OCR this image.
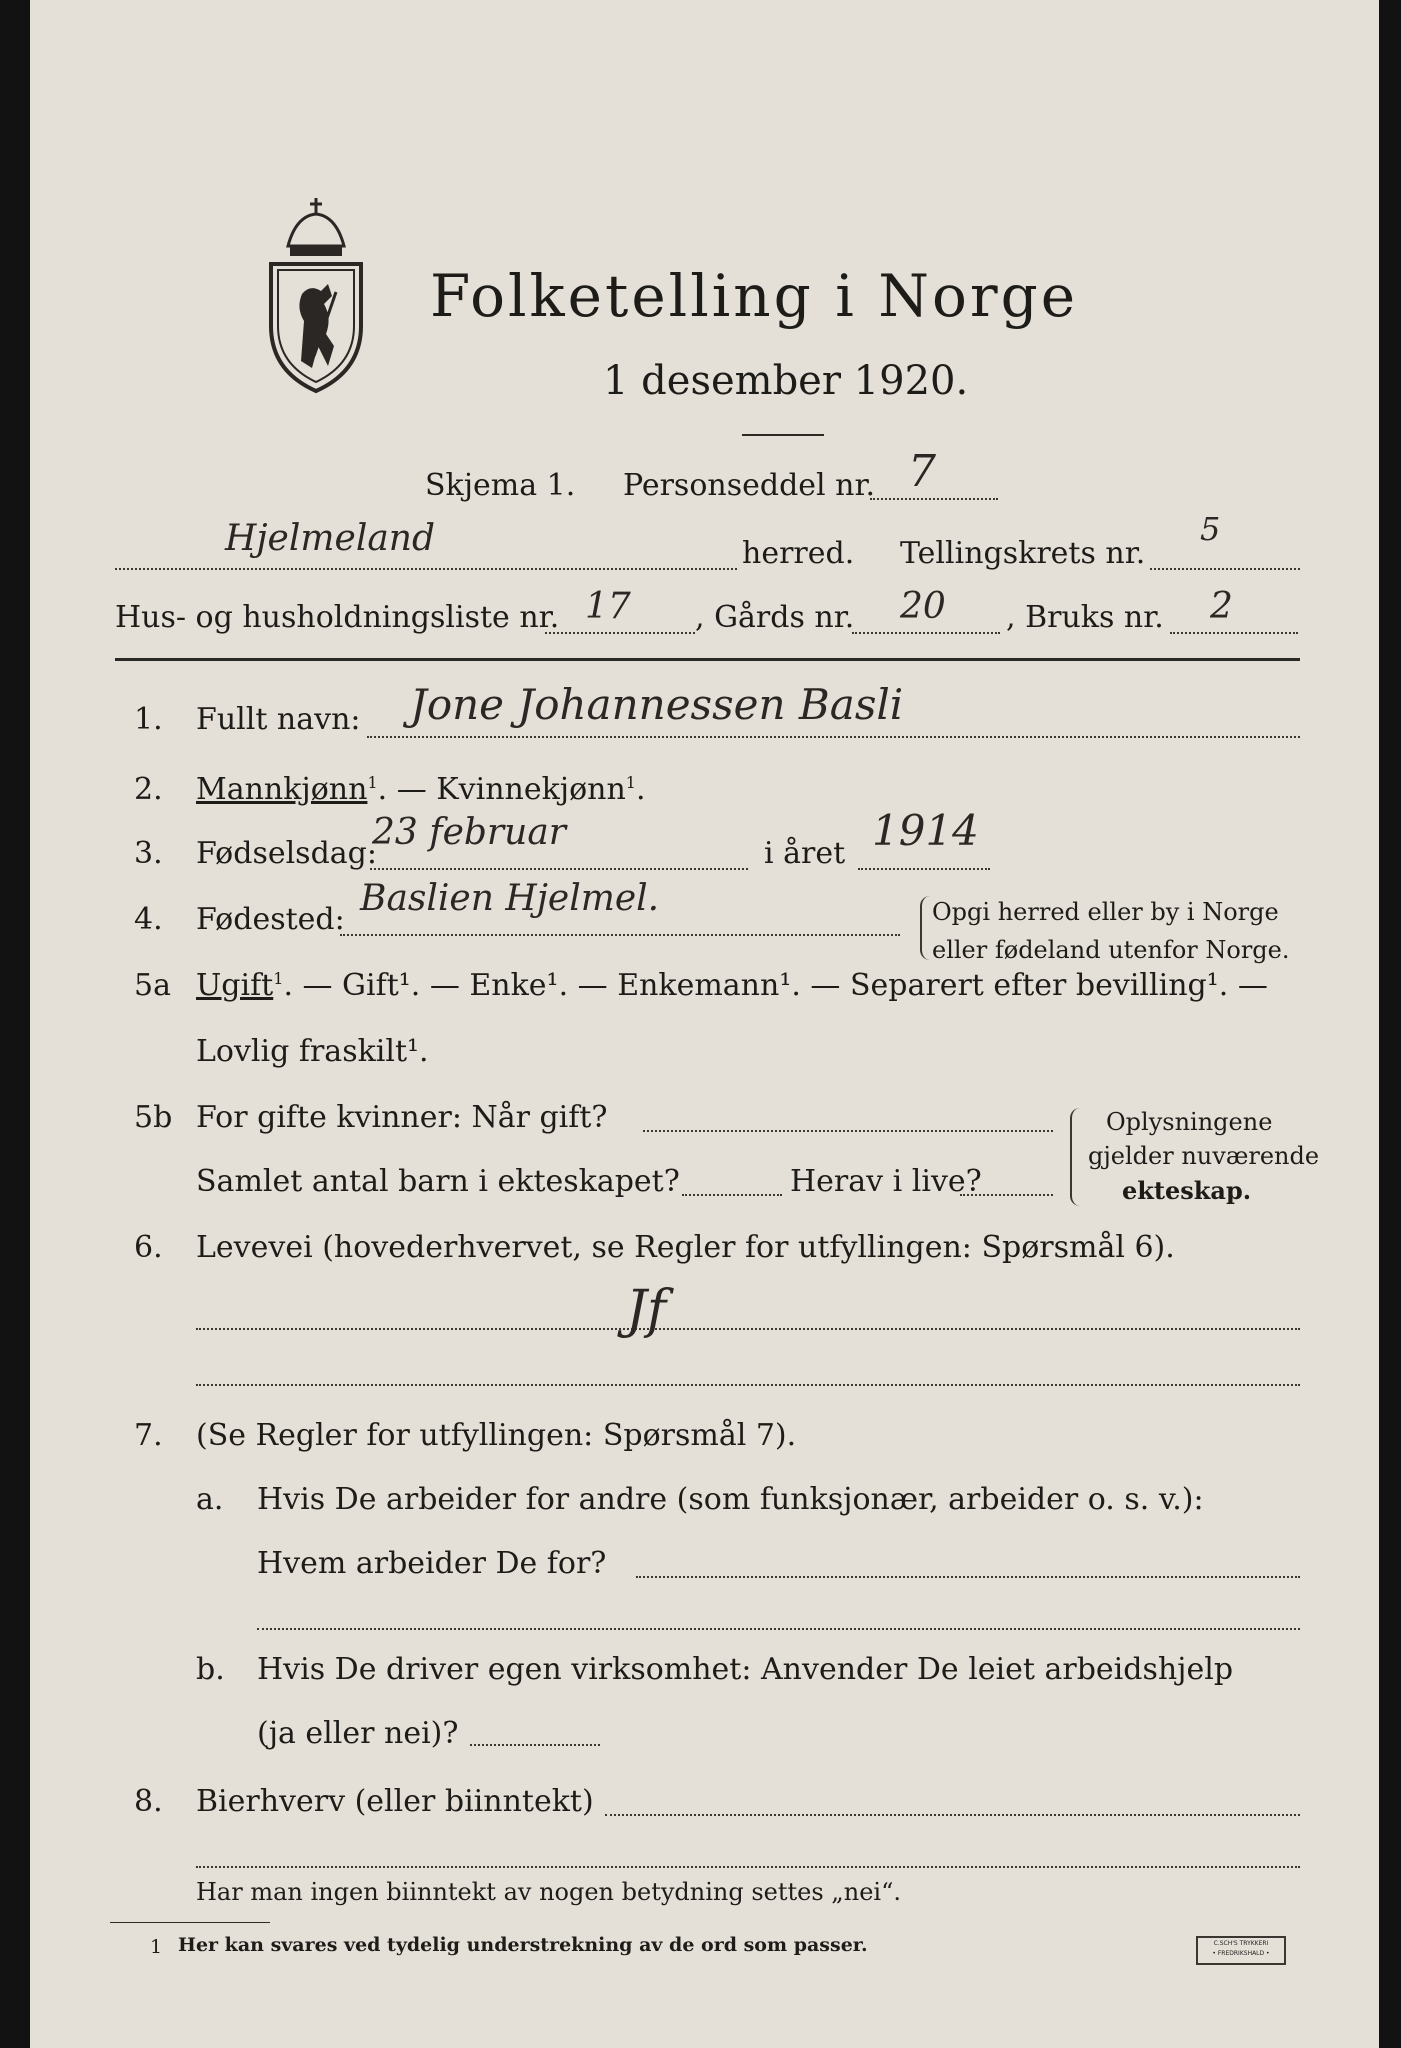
Folketelling i Norge
1 desember 1920.
Skjema 1. Personseddel nr. 7
Hjelmeland	herred. Tellingskrets nr.
5
Hus- og husholdningsliste nr. 17 , Gårds nr. 20 , Bruks nr. 2
1. Fullt navn: Jone Johannessen Basli
2. Mannkjønn$^1$. — Kvinnekjønn$^1$.
3. Fødselsdag:
23 februar
i året 1914
4. Fødested:
Baslien Hjelmel.	Opgi herred eller by i Norge
eller fødeland utenfor Norge.
5a Ugift$^1$. — Gift¹. — Enke¹. — Enkemann¹. — Separert efter bevilling¹. —
Lovlig fraskilt¹.
5b For gifte kvinner: Når gift?
Samlet antal barn i ekteskapet?	Herav i live?
Oplysningene
gjelder nuværende
ekteskap.
6. Levevei (hovederhvervet, se Regler for utfyllingen: Spørsmål 6).
Jf
7. (Se Regler for utfyllingen: Spørsmål 7).
a. Hvis De arbeider for andre (som funksjonær, arbeider o. s. v.):
Hvem arbeider De for?
b. Hvis De driver egen virksomhet: Anvender De leiet arbeidshjelp
(ja eller nei)?
8. Bierhverv (eller biinntekt)
Har man ingen biinntekt av nogen betydning settes „nei“.
1 Her kan svares ved tydelig understrekning av de ord som passer.	C.SCH'S TRYKKERI
• FREDRIKSHALD •
